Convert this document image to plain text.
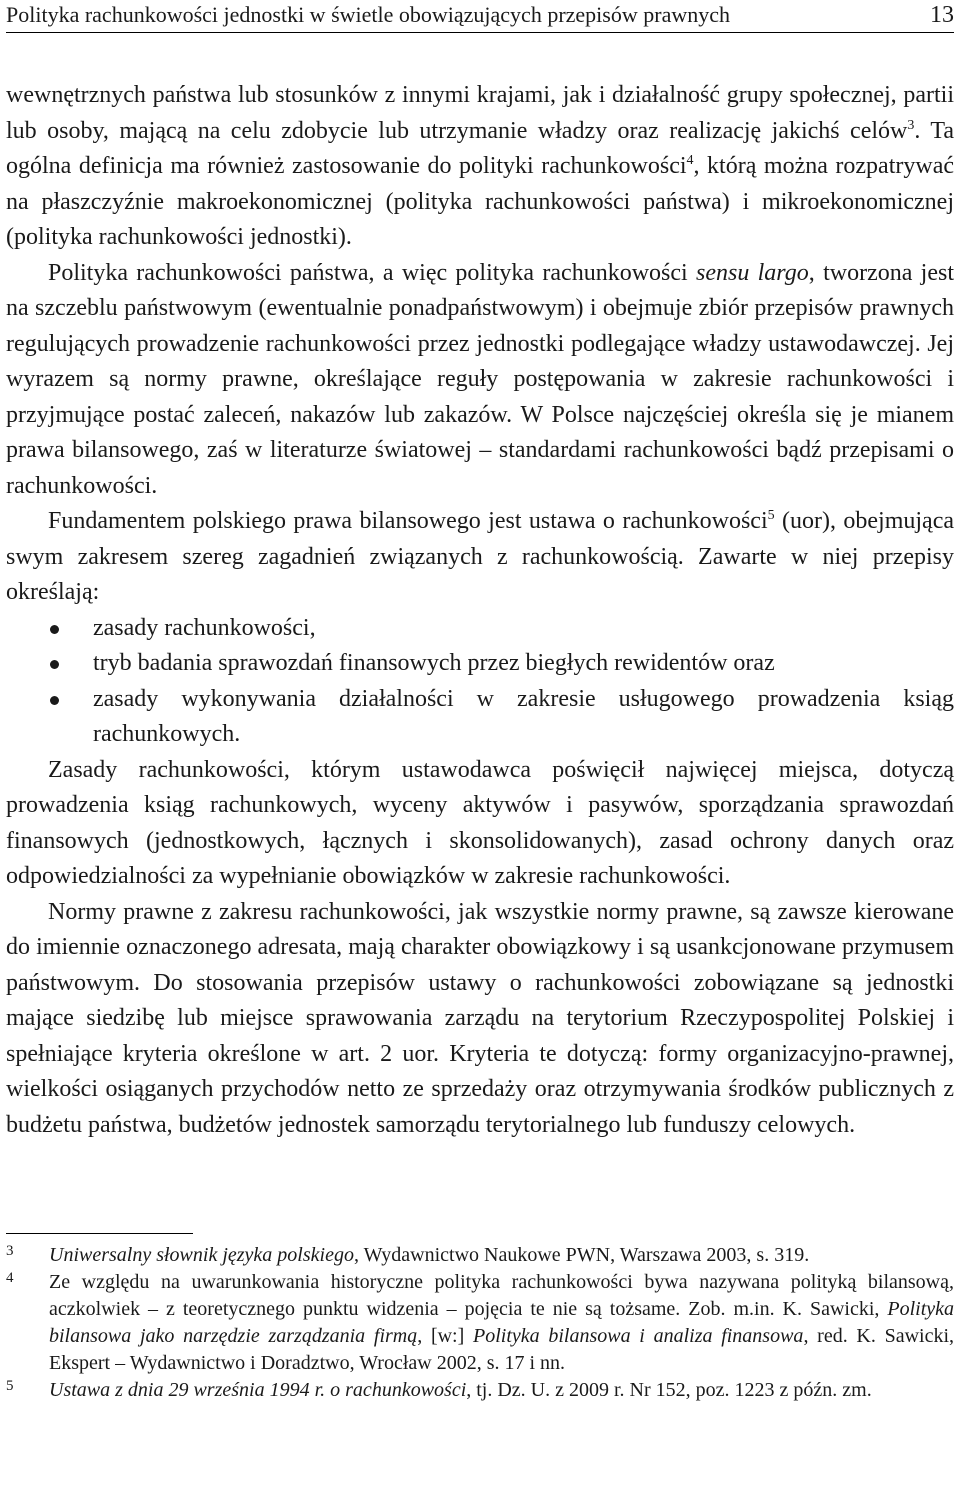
Polityka rachunkowości jednostki w świetle obowiązujących przepisów prawnych	13

wewnętrznych państwa lub stosunków z innymi krajami, jak i działalność grupy społecznej, partii lub osoby, mającą na celu zdobycie lub utrzymanie władzy oraz realizację jakichś celów$^3$. Ta ogólna definicja ma również zastosowanie do polityki rachunkowości$^4$, którą można rozpatrywać na płaszczyźnie makroekonomicznej (polityka rachunkowości państwa) i mikroekonomicznej (polityka rachunkowości jednostki).

Polityka rachunkowości państwa, a więc polityka rachunkowości sensu largo, tworzona jest na szczeblu państwowym (ewentualnie ponadpaństwowym) i obejmuje zbiór przepisów prawnych regulujących prowadzenie rachunkowości przez jednostki podlegające władzy ustawodawczej. Jej wyrazem są normy prawne, określające reguły postępowania w zakresie rachunkowości i przyjmujące postać zaleceń, nakazów lub zakazów. W Polsce najczęściej określa się je mianem prawa bilansowego, zaś w literaturze światowej – standardami rachunkowości bądź przepisami o rachunkowości.

Fundamentem polskiego prawa bilansowego jest ustawa o rachunkowości$^5$ (uor), obejmująca swym zakresem szereg zagadnień związanych z rachunkowością. Zawarte w niej przepisy określają:

zasady rachunkowości,
tryb badania sprawozdań finansowych przez biegłych rewidentów oraz
zasady wykonywania działalności w zakresie usługowego prowadzenia ksiąg rachunkowych.

Zasady rachunkowości, którym ustawodawca poświęcił najwięcej miejsca, dotyczą prowadzenia ksiąg rachunkowych, wyceny aktywów i pasywów, sporządzania sprawozdań finansowych (jednostkowych, łącznych i skonsolidowanych), zasad ochrony danych oraz odpowiedzialności za wypełnianie obowiązków w zakresie rachunkowości.

Normy prawne z zakresu rachunkowości, jak wszystkie normy prawne, są zawsze kierowane do imiennie oznaczonego adresata, mają charakter obowiązkowy i są usankcjonowane przymusem państwowym. Do stosowania przepisów ustawy o rachunkowości zobowiązane są jednostki mające siedzibę lub miejsce sprawowania zarządu na terytorium Rzeczypospolitej Polskiej i spełniające kryteria określone w art. 2 uor. Kryteria te dotyczą: formy organizacyjno-prawnej, wielkości osiąganych przychodów netto ze sprzedaży oraz otrzymywania środków publicznych z budżetu państwa, budżetów jednostek samorządu terytorialnego lub funduszy celowych.

3 Uniwersalny słownik języka polskiego, Wydawnictwo Naukowe PWN, Warszawa 2003, s. 319.
4 Ze względu na uwarunkowania historyczne polityka rachunkowości bywa nazywana polityką bilansową, aczkolwiek – z teoretycznego punktu widzenia – pojęcia te nie są tożsame. Zob. m.in. K. Sawicki, Polityka bilansowa jako narzędzie zarządzania firmą, [w:] Polityka bilansowa i analiza finansowa, red. K. Sawicki, Ekspert – Wydawnictwo i Doradztwo, Wrocław 2002, s. 17 i nn.
5 Ustawa z dnia 29 września 1994 r. o rachunkowości, tj. Dz. U. z 2009 r. Nr 152, poz. 1223 z późn. zm.
